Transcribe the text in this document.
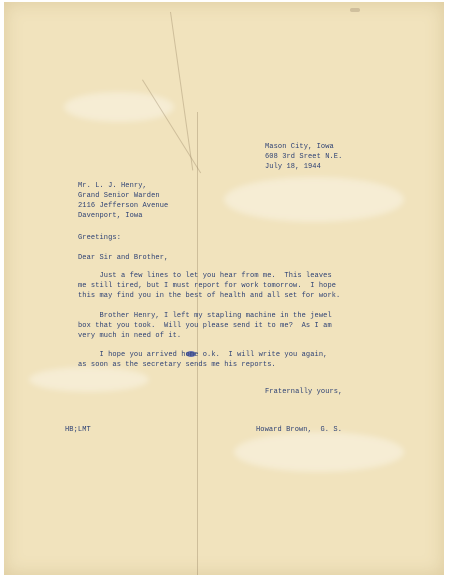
Mason City, Iowa
608 3rd Sreet N.E.
July 18, 1944
Mr. L. J. Henry,
Grand Senior Warden
2116 Jefferson Avenue
Davenport, Iowa
Greetings:
Dear Sir and Brother,
Just a few lines to let you hear from me.  This leaves
me still tired, but I must report for work tomorrow.  I hope
this may find you in the best of health and all set for work.
Brother Henry, I left my stapling machine in the jewel
box that you took.  Will you please send it to me?  As I am
very much in need of it.
I hope you arrived home o.k.  I will write you again,
as soon as the secretary sends me his reports.
Fraternally yours,
HB;LMT	Howard Brown,  G. S.
